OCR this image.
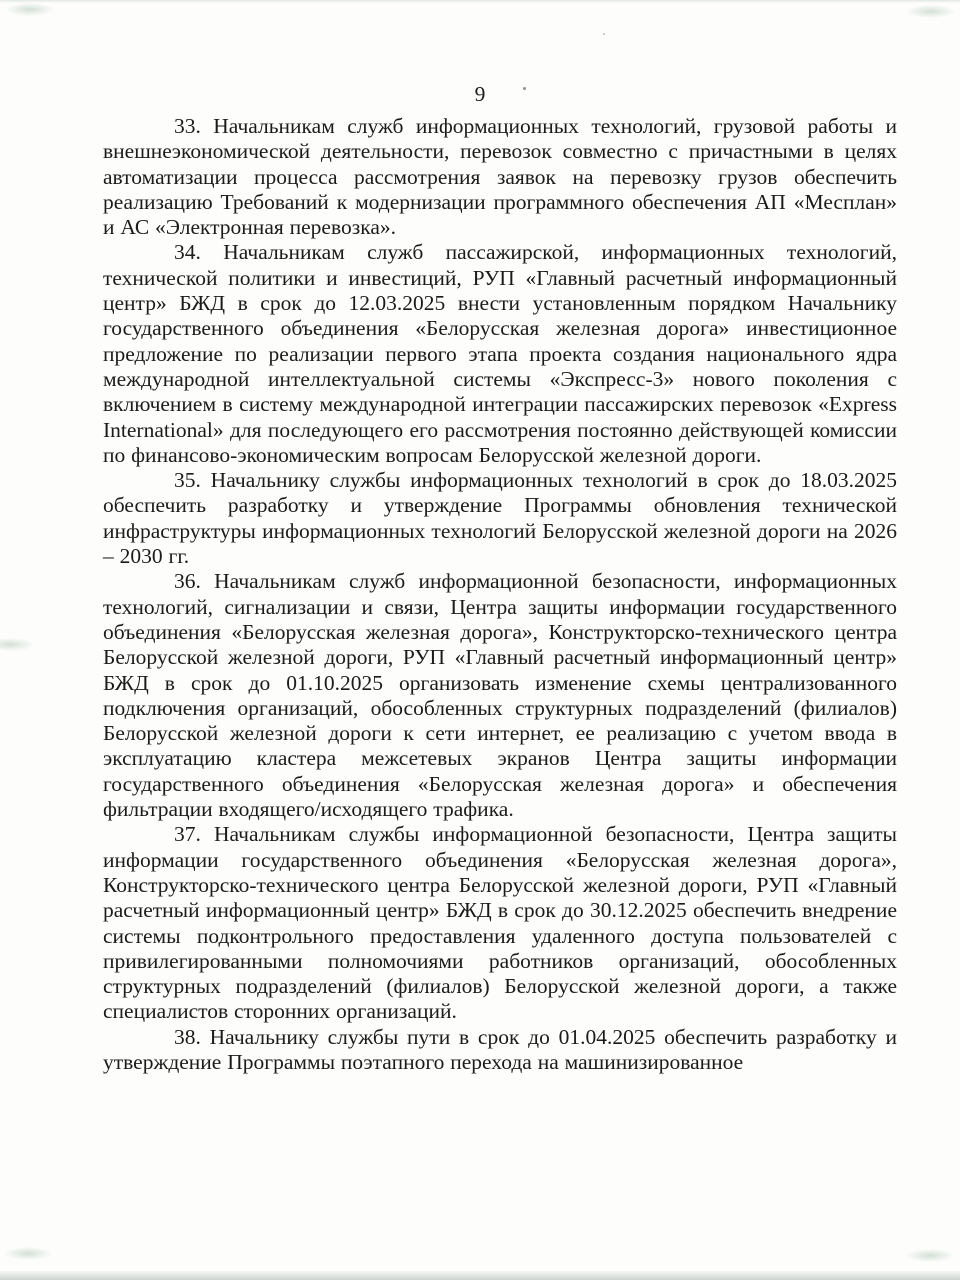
9

33. Начальникам служб информационных технологий, грузовой работы и внешнеэкономической деятельности, перевозок совместно с причастными в целях автоматизации процесса рассмотрения заявок на перевозку грузов обеспечить реализацию Требований к модернизации программного обеспечения АП «Месплан» и АС «Электронная перевозка».

34. Начальникам служб пассажирской, информационных технологий, технической политики и инвестиций, РУП «Главный расчетный информационный центр» БЖД в срок до 12.03.2025 внести установленным порядком Начальнику государственного объединения «Белорусская железная дорога» инвестиционное предложение по реализации первого этапа проекта создания национального ядра международной интеллектуальной системы «Экспресс-3» нового поколения с включением в систему международной интеграции пассажирских перевозок «Express International» для последующего его рассмотрения постоянно действующей комиссии по финансово-экономическим вопросам Белорусской железной дороги.

35. Начальнику службы информационных технологий в срок до 18.03.2025 обеспечить разработку и утверждение Программы обновления технической инфраструктуры информационных технологий Белорусской железной дороги на 2026 – 2030 гг.

36. Начальникам служб информационной безопасности, информационных технологий, сигнализации и связи, Центра защиты информации государственного объединения «Белорусская железная дорога», Конструкторско-технического центра Белорусской железной дороги, РУП «Главный расчетный информационный центр» БЖД в срок до 01.10.2025 организовать изменение схемы централизованного подключения организаций, обособленных структурных подразделений (филиалов) Белорусской железной дороги к сети интернет, ее реализацию с учетом ввода в эксплуатацию кластера межсетевых экранов Центра защиты информации государственного объединения «Белорусская железная дорога» и обеспечения фильтрации входящего/исходящего трафика.

37. Начальникам службы информационной безопасности, Центра защиты информации государственного объединения «Белорусская железная дорога», Конструкторско-технического центра Белорусской железной дороги, РУП «Главный расчетный информационный центр» БЖД в срок до 30.12.2025 обеспечить внедрение системы подконтрольного предоставления удаленного доступа пользователей с привилегированными полномочиями работников организаций, обособленных структурных подразделений (филиалов) Белорусской железной дороги, а также специалистов сторонних организаций.

38. Начальнику службы пути в срок до 01.04.2025 обеспечить разработку и утверждение Программы поэтапного перехода на машинизированное
